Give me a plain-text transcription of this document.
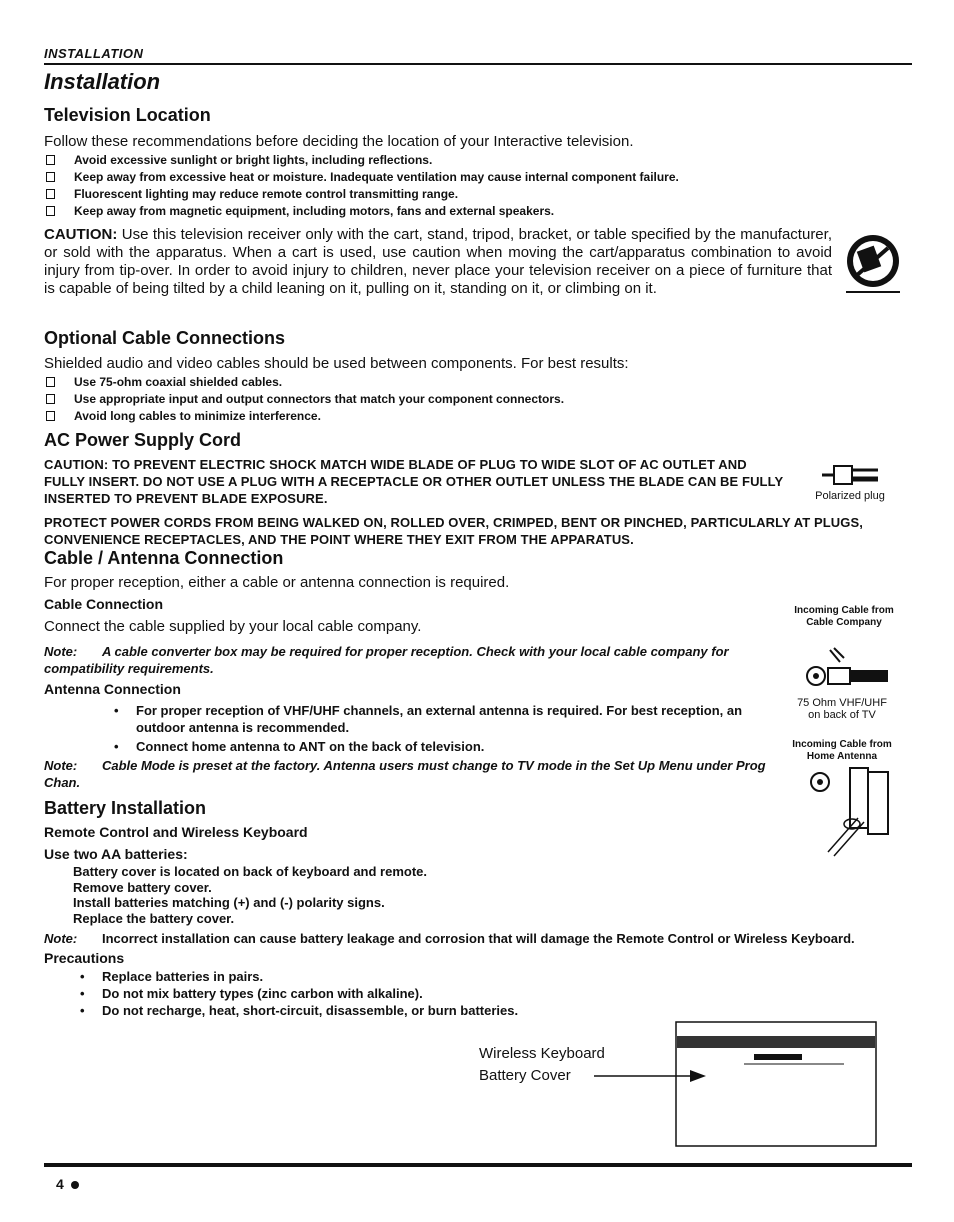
INSTALLATION
Installation
Television Location
Follow these recommendations before deciding the location of your Interactive television.
Avoid excessive sunlight or bright lights, including reflections.
Keep away from excessive heat or moisture. Inadequate ventilation may cause internal component failure.
Fluorescent lighting may reduce remote control transmitting range.
Keep away from magnetic equipment, including motors, fans and external speakers.
CAUTION: Use this television receiver only with the cart, stand, tripod, bracket, or table specified by the manufacturer, or sold with the apparatus. When a cart is used, use caution when moving the cart/apparatus combination to avoid injury from tip-over. In order to avoid injury to children, never place your television receiver on a piece of furniture that is capable of being tilted by a child leaning on it, pulling on it, standing on it, or climbing on it.
Optional Cable Connections
Shielded audio and video cables should be used between components. For best results:
Use 75-ohm coaxial shielded cables.
Use appropriate input and output connectors that match your component connectors.
Avoid long cables to minimize interference.
AC Power Supply Cord
CAUTION: TO PREVENT ELECTRIC SHOCK MATCH WIDE BLADE OF PLUG TO WIDE SLOT OF AC OUTLET AND FULLY INSERT. DO NOT USE A PLUG WITH A RECEPTACLE OR OTHER OUTLET UNLESS THE BLADE CAN BE FULLY INSERTED TO PREVENT BLADE EXPOSURE.	Polarized plug
PROTECT POWER CORDS FROM BEING WALKED ON, ROLLED OVER, CRIMPED, BENT OR PINCHED, PARTICULARLY AT PLUGS, CONVENIENCE RECEPTACLES, AND THE POINT WHERE THEY EXIT FROM THE APPARATUS.
Cable / Antenna Connection
For proper reception, either a cable or antenna connection is required.
Cable Connection
Connect the cable supplied by your local cable company.
Note: A cable converter box may be required for proper reception. Check with your local cable company for compatibility requirements.
Antenna Connection
• For proper reception of VHF/UHF channels, an external antenna is required. For best reception, an outdoor antenna is recommended.
• Connect home antenna to ANT on the back of television.
Note: Cable Mode is preset at the factory. Antenna users must change to TV mode in the Set Up Menu under Prog Chan.
Incoming Cable from Cable Company
75 Ohm VHF/UHF on back of TV
Incoming Cable from Home Antenna
Battery Installation
Remote Control and Wireless Keyboard
Use two AA batteries:
Battery cover is located on back of keyboard and remote.
Remove battery cover.
Install batteries matching (+) and (-) polarity signs.
Replace the battery cover.
Note: Incorrect installation can cause battery leakage and corrosion that will damage the Remote Control or Wireless Keyboard.
Precautions
• Replace batteries in pairs.
• Do not mix battery types (zinc carbon with alkaline).
• Do not recharge, heat, short-circuit, disassemble, or burn batteries.
Wireless Keyboard
Battery Cover
4
